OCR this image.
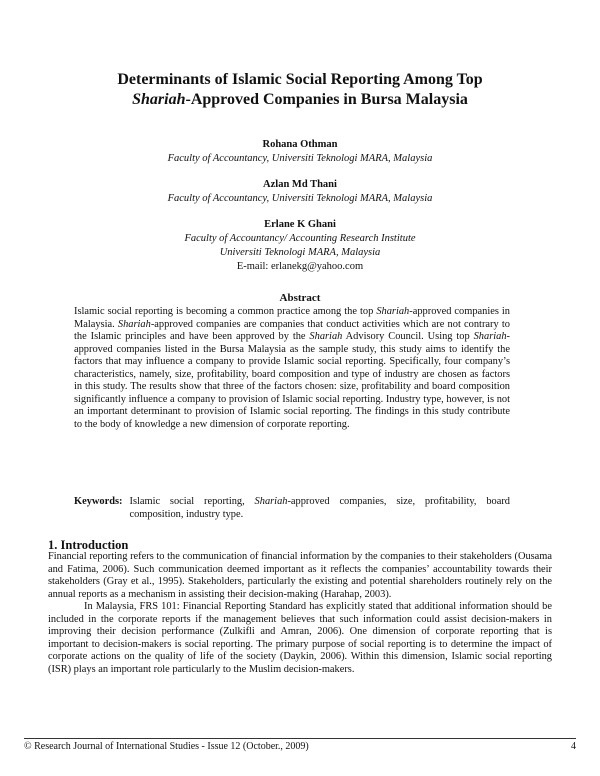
Determinants of Islamic Social Reporting Among Top
Shariah-Approved Companies in Bursa Malaysia
Rohana Othman
Faculty of Accountancy, Universiti Teknologi MARA, Malaysia
Azlan Md Thani
Faculty of Accountancy, Universiti Teknologi MARA, Malaysia
Erlane K Ghani
Faculty of Accountancy/ Accounting Research Institute
Universiti Teknologi MARA, Malaysia
E-mail: erlanekg@yahoo.com
Abstract
Islamic social reporting is becoming a common practice among the top Shariah-approved companies in Malaysia. Shariah-approved companies are companies that conduct activities which are not contrary to the Islamic principles and have been approved by the Shariah Advisory Council. Using top Shariah-approved companies listed in the Bursa Malaysia as the sample study, this study aims to identify the factors that may influence a company to provide Islamic social reporting. Specifically, four company’s characteristics, namely, size, profitability, board composition and type of industry are chosen as factors in this study. The results show that three of the factors chosen: size, profitability and board composition significantly influence a company to provision of Islamic social reporting. Industry type, however, is not an important determinant to provision of Islamic social reporting. The findings in this study contribute to the body of knowledge a new dimension of corporate reporting.
Keywords: Islamic social reporting, Shariah-approved companies, size, profitability, board composition, industry type.
1. Introduction

Financial reporting refers to the communication of financial information by the companies to their stakeholders (Ousama and Fatima, 2006). Such communication deemed important as it reflects the companies’ accountability towards their stakeholders (Gray et al., 1995). Stakeholders, particularly the existing and potential shareholders routinely rely on the annual reports as a mechanism in assisting their decision-making (Harahap, 2003).

In Malaysia, FRS 101: Financial Reporting Standard has explicitly stated that additional information should be included in the corporate reports if the management believes that such information could assist decision-makers in improving their decision performance (Zulkifli and Amran, 2006). One dimension of corporate reporting that is important to decision-makers is social reporting. The primary purpose of social reporting is to determine the impact of corporate actions on the quality of life of the society (Daykin, 2006). Within this dimension, Islamic social reporting (ISR) plays an important role particularly to the Muslim decision-makers.

© Research Journal of International Studies - Issue 12 (October., 2009)	4
